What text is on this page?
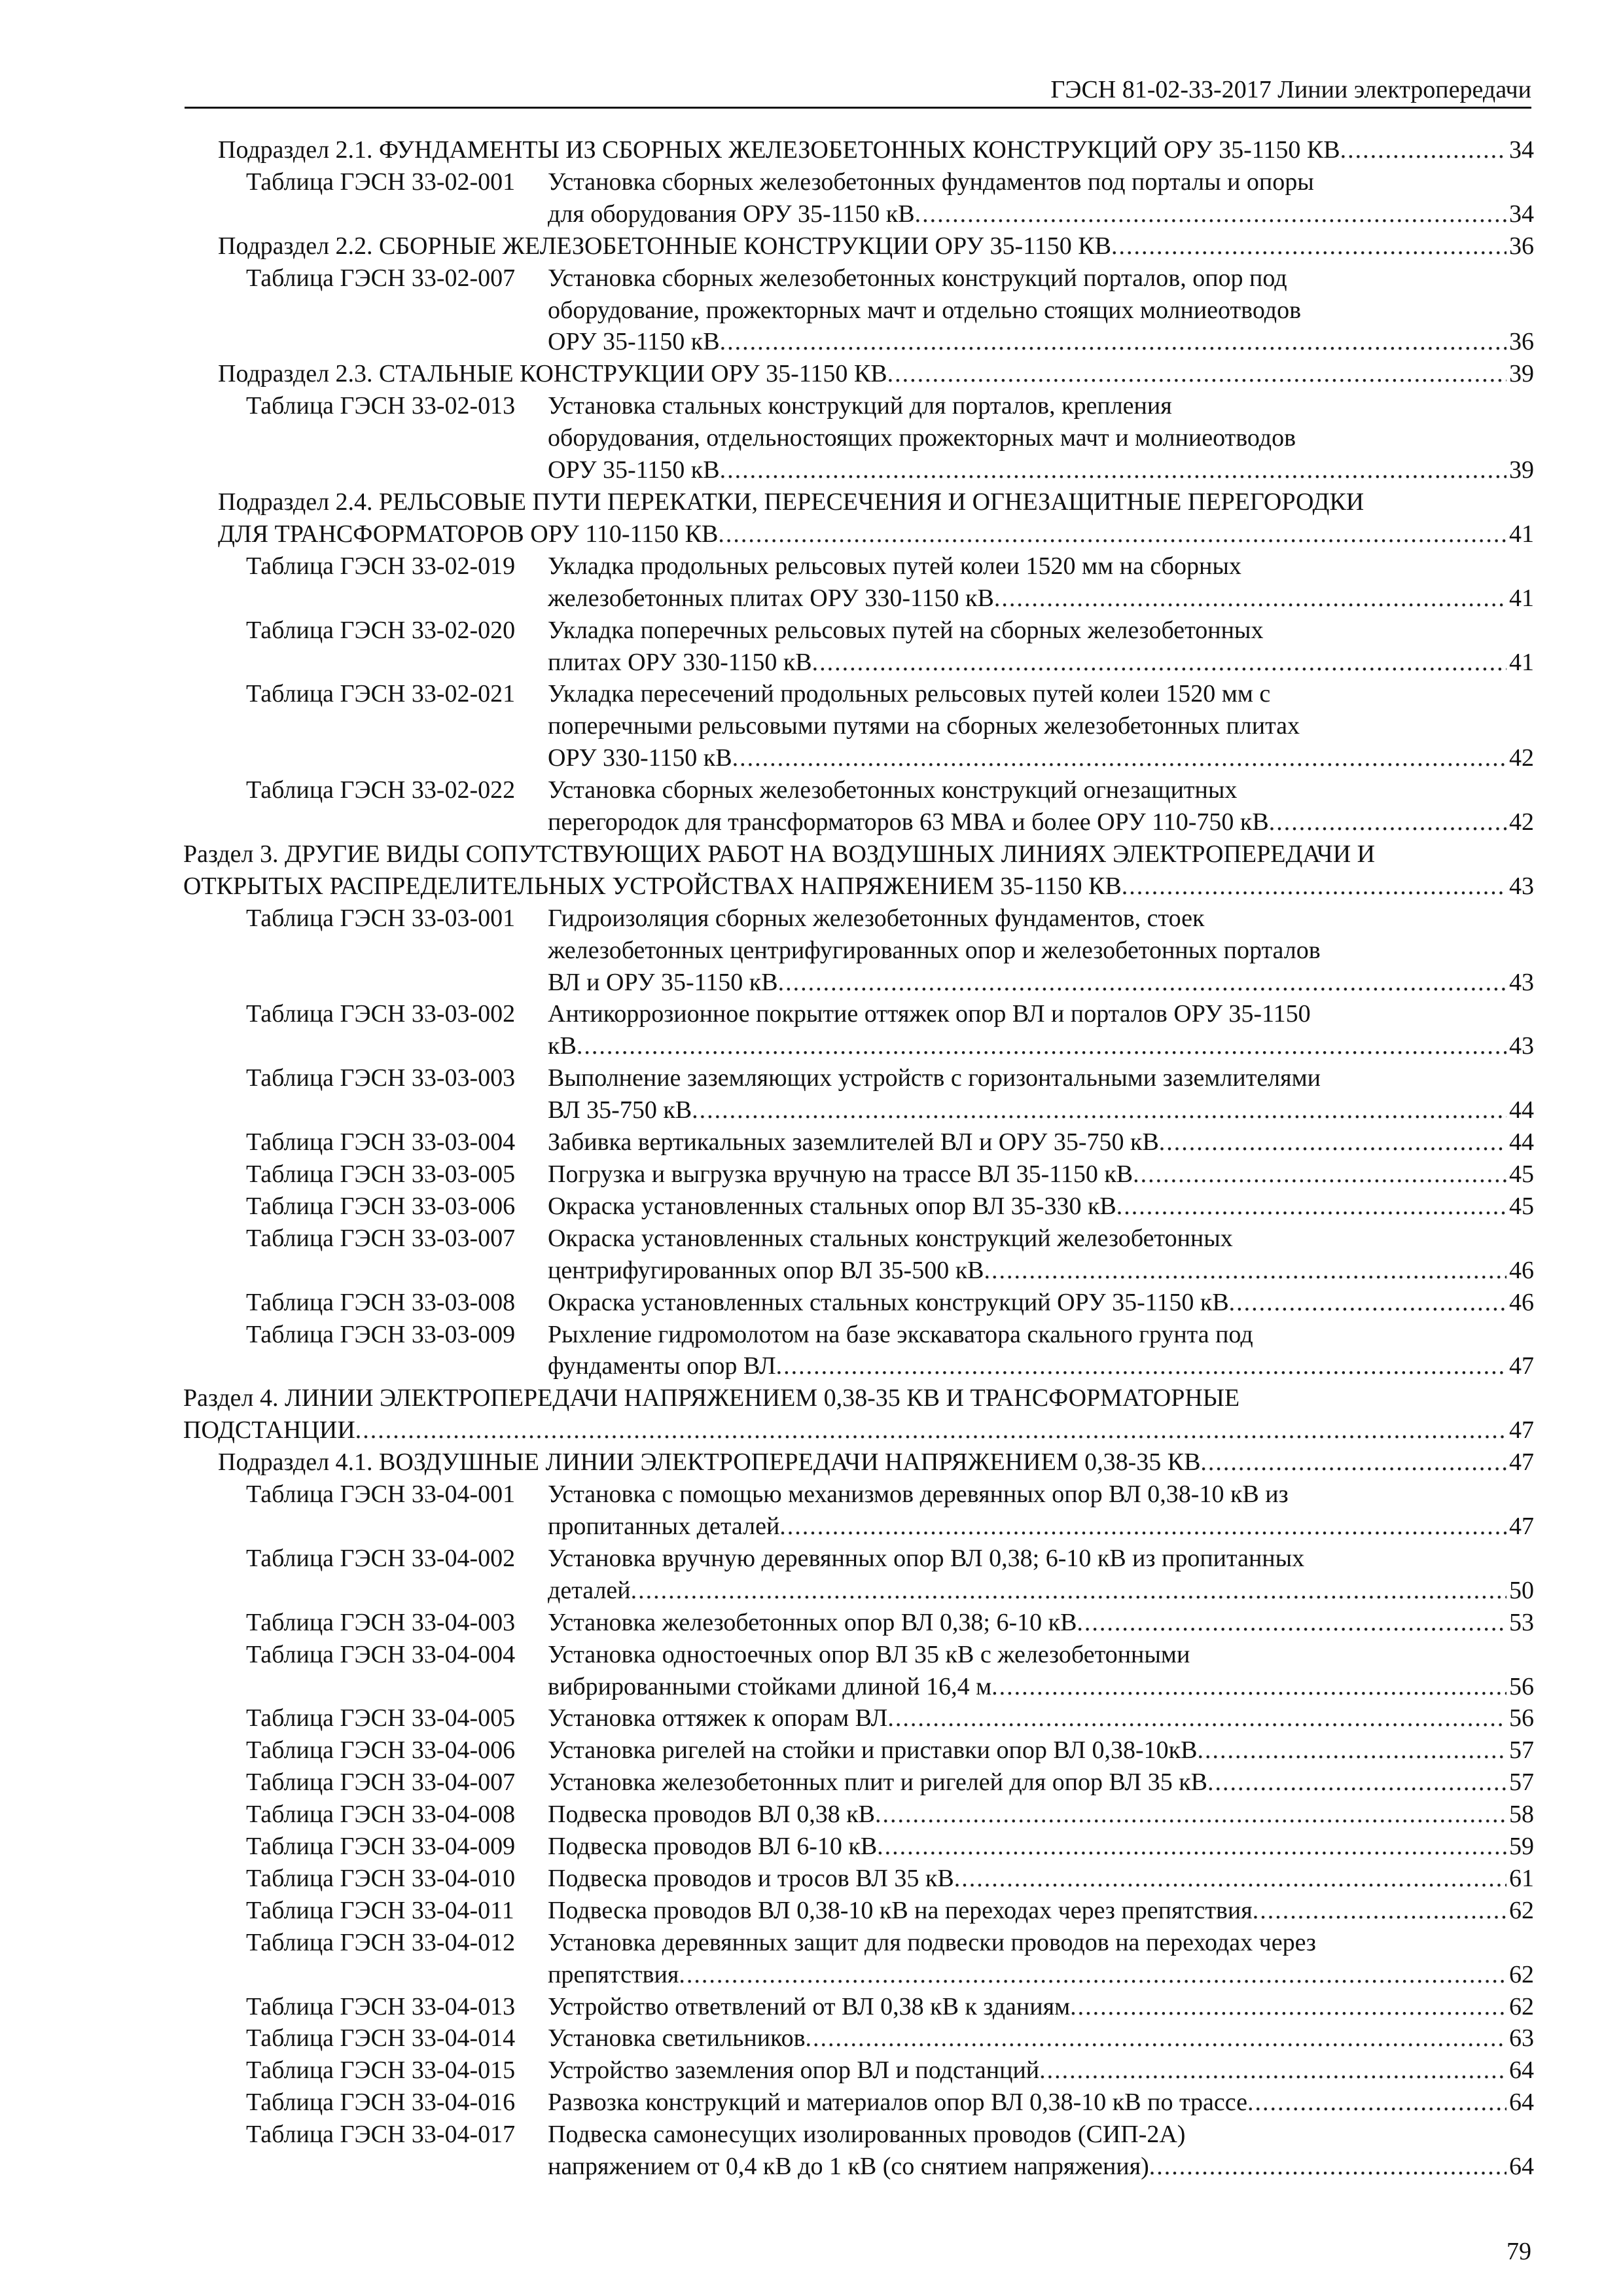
ГЭСН 81-02-33-2017 Линии электропередачи
Подраздел 2.1. ФУНДАМЕНТЫ ИЗ СБОРНЫХ ЖЕЛЕЗОБЕТОННЫХ КОНСТРУКЦИЙ ОРУ 35-1150 КВ .....	34
Таблица ГЭСН 33-02-001	Установка сборных железобетонных фундаментов под порталы и опоры
для оборудования ОРУ 35-1150 кВ .....	34
Подраздел 2.2. СБОРНЫЕ ЖЕЛЕЗОБЕТОННЫЕ КОНСТРУКЦИИ ОРУ 35-1150 КВ .....	36
Таблица ГЭСН 33-02-007	Установка сборных железобетонных конструкций порталов, опор под
оборудование, прожекторных мачт и отдельно стоящих молниеотводов
ОРУ 35-1150 кВ .....	36
Подраздел 2.3. СТАЛЬНЫЕ КОНСТРУКЦИИ ОРУ 35-1150 КВ .....	39
Таблица ГЭСН 33-02-013	Установка стальных конструкций для порталов, крепления
оборудования, отдельностоящих прожекторных мачт и молниеотводов
ОРУ 35-1150 кВ .....	39
Подраздел 2.4. РЕЛЬСОВЫЕ ПУТИ ПЕРЕКАТКИ, ПЕРЕСЕЧЕНИЯ И ОГНЕЗАЩИТНЫЕ ПЕРЕГОРОДКИ
ДЛЯ ТРАНСФОРМАТОРОВ ОРУ 110-1150 КВ .....	41
Таблица ГЭСН 33-02-019	Укладка продольных рельсовых путей колеи 1520 мм на сборных
железобетонных плитах ОРУ 330-1150 кВ .....	41
Таблица ГЭСН 33-02-020	Укладка поперечных рельсовых путей на сборных железобетонных
плитах ОРУ 330-1150 кВ .....	41
Таблица ГЭСН 33-02-021	Укладка пересечений продольных рельсовых путей колеи 1520 мм с
поперечными рельсовыми путями на сборных железобетонных плитах
ОРУ 330-1150 кВ .....	42
Таблица ГЭСН 33-02-022	Установка сборных железобетонных конструкций огнезащитных
перегородок для трансформаторов 63 МВА и более ОРУ 110-750 кВ .....	42
Раздел 3. ДРУГИЕ ВИДЫ СОПУТСТВУЮЩИХ РАБОТ НА ВОЗДУШНЫХ ЛИНИЯХ ЭЛЕКТРОПЕРЕДАЧИ И
ОТКРЫТЫХ РАСПРЕДЕЛИТЕЛЬНЫХ УСТРОЙСТВАХ НАПРЯЖЕНИЕМ 35-1150 КВ .....	43
Таблица ГЭСН 33-03-001	Гидроизоляция сборных железобетонных фундаментов, стоек
железобетонных центрифугированных опор и железобетонных порталов
ВЛ и ОРУ 35-1150 кВ .....	43
Таблица ГЭСН 33-03-002	Антикоррозионное покрытие оттяжек опор ВЛ и порталов ОРУ 35-1150
кВ .....	43
Таблица ГЭСН 33-03-003	Выполнение заземляющих устройств с горизонтальными заземлителями
ВЛ 35-750 кВ .....	44
Таблица ГЭСН 33-03-004	Забивка вертикальных заземлителей ВЛ и ОРУ 35-750 кВ .....	44
Таблица ГЭСН 33-03-005	Погрузка и выгрузка вручную на трассе ВЛ 35-1150 кВ .....	45
Таблица ГЭСН 33-03-006	Окраска установленных стальных опор ВЛ 35-330 кВ .....	45
Таблица ГЭСН 33-03-007	Окраска установленных стальных конструкций железобетонных
центрифугированных опор ВЛ 35-500 кВ .....	46
Таблица ГЭСН 33-03-008	Окраска установленных стальных конструкций ОРУ 35-1150 кВ .....	46
Таблица ГЭСН 33-03-009	Рыхление гидромолотом на базе экскаватора скального грунта под
фундаменты опор ВЛ .....	47
Раздел 4. ЛИНИИ ЭЛЕКТРОПЕРЕДАЧИ НАПРЯЖЕНИЕМ 0,38-35 КВ И ТРАНСФОРМАТОРНЫЕ
ПОДСТАНЦИИ .....	47
Подраздел 4.1. ВОЗДУШНЫЕ ЛИНИИ ЭЛЕКТРОПЕРЕДАЧИ НАПРЯЖЕНИЕМ 0,38-35 КВ .....	47
Таблица ГЭСН 33-04-001	Установка с помощью механизмов деревянных опор ВЛ 0,38-10 кВ из
пропитанных деталей .....	47
Таблица ГЭСН 33-04-002	Установка вручную деревянных опор ВЛ 0,38; 6-10 кВ из пропитанных
деталей .....	50
Таблица ГЭСН 33-04-003	Установка железобетонных опор ВЛ 0,38; 6-10 кВ .....	53
Таблица ГЭСН 33-04-004	Установка одностоечных опор ВЛ 35 кВ с железобетонными
вибрированными стойками длиной 16,4 м .....	56
Таблица ГЭСН 33-04-005	Установка оттяжек к опорам ВЛ .....	56
Таблица ГЭСН 33-04-006	Установка ригелей на стойки и приставки опор ВЛ 0,38-10кВ .....	57
Таблица ГЭСН 33-04-007	Установка железобетонных плит и ригелей для опор ВЛ 35 кВ .....	57
Таблица ГЭСН 33-04-008	Подвеска проводов ВЛ 0,38 кВ .....	58
Таблица ГЭСН 33-04-009	Подвеска проводов ВЛ 6-10 кВ .....	59
Таблица ГЭСН 33-04-010	Подвеска проводов и тросов ВЛ 35 кВ .....	61
Таблица ГЭСН 33-04-011	Подвеска проводов ВЛ 0,38-10 кВ на переходах через препятствия .....	62
Таблица ГЭСН 33-04-012	Установка деревянных защит для подвески проводов на переходах через
препятствия .....	62
Таблица ГЭСН 33-04-013	Устройство ответвлений от ВЛ 0,38 кВ к зданиям .....	62
Таблица ГЭСН 33-04-014	Установка светильников .....	63
Таблица ГЭСН 33-04-015	Устройство заземления опор ВЛ и подстанций .....	64
Таблица ГЭСН 33-04-016	Развозка конструкций и материалов опор ВЛ 0,38-10 кВ по трассе .....	64
Таблица ГЭСН 33-04-017	Подвеска самонесущих изолированных проводов (СИП-2А)
напряжением от 0,4 кВ до 1 кВ (со снятием напряжения) .....	64
79
